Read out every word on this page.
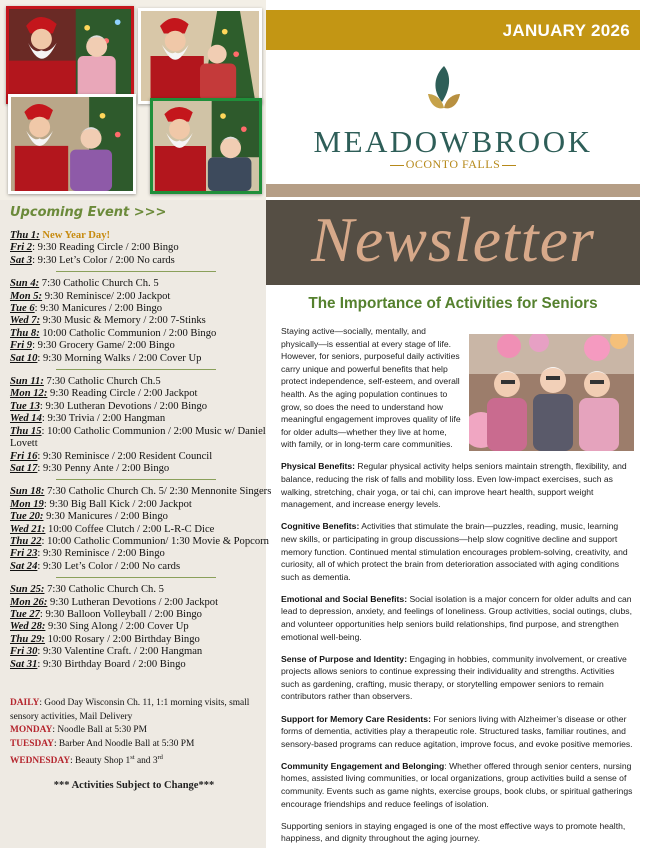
JANUARY 2026
MEADOWBROOK
OCONTO FALLS
Upcoming Event >>>
Thu 1: New Year Day!
Fri 2: 9:30 Reading Circle / 2:00 Bingo
Sat 3: 9:30 Let’s Color / 2:00 No cards
Sun 4: 7:30 Catholic Church Ch. 5
Mon 5: 9:30 Reminisce/ 2:00 Jackpot
Tue 6: 9:30 Manicures / 2:00 Bingo
Wed 7: 9:30 Music & Memory / 2:00 7-Stinks
Thu 8: 10:00 Catholic Communion / 2:00 Bingo
Fri 9: 9:30 Grocery Game/ 2:00 Bingo
Sat 10: 9:30 Morning Walks / 2:00 Cover Up
Sun 11: 7:30 Catholic Church Ch.5
Mon 12: 9:30 Reading Circle / 2:00 Jackpot
Tue 13: 9:30 Lutheran Devotions / 2:00 Bingo
Wed 14: 9:30 Trivia / 2:00 Hangman
Thu 15: 10:00 Catholic Communion / 2:00 Music w/ Daniel
Lovett
Fri 16: 9:30 Reminisce / 2:00 Resident Council
Sat 17: 9:30 Penny Ante / 2:00 Bingo
Sun 18: 7:30 Catholic Church Ch. 5/ 2:30 Mennonite Singers
Mon 19: 9:30 Big Ball Kick / 2:00 Jackpot
Tue 20: 9:30 Manicures / 2:00 Bingo
Wed 21: 10:00 Coffee Clutch / 2:00 L-R-C Dice
Thu 22: 10:00 Catholic Communion/ 1:30 Movie & Popcorn
Fri 23: 9:30 Reminisce / 2:00 Bingo
Sat 24: 9:30 Let’s Color / 2:00 No cards
Sun 25: 7:30 Catholic Church Ch. 5
Mon 26: 9:30 Lutheran Devotions / 2:00 Jackpot
Tue 27: 9:30 Balloon Volleyball / 2:00 Bingo
Wed 28: 9:30 Sing Along / 2:00 Cover Up
Thu 29: 10:00 Rosary / 2:00 Birthday Bingo
Fri 30: 9:30 Valentine Craft. / 2:00 Hangman
Sat 31: 9:30 Birthday Board / 2:00 Bingo
DAILY: Good Day Wisconsin Ch. 11, 1:1 morning visits, small sensory activities, Mail Delivery
MONDAY: Noodle Ball at 5:30 PM
TUESDAY: Barber And Noodle Ball at 5:30 PM
WEDNESDAY: Beauty Shop 1st and 3rd
*** Activities Subject to Change***
Newsletter
The Importance of Activities for Seniors

Staying active—socially, mentally, and physically—is essential at every stage of life. However, for seniors, purposeful daily activities carry unique and powerful benefits that help protect independence, self-esteem, and overall health. As the aging population continues to grow, so does the need to understand how meaningful engagement improves quality of life for older adults—whether they live at home, with family, or in long-term care communities.

Physical Benefits: Regular physical activity helps seniors maintain strength, flexibility, and balance, reducing the risk of falls and mobility loss. Even low-impact exercises, such as walking, stretching, chair yoga, or tai chi, can improve heart health, support weight management, and increase energy levels.

Cognitive Benefits: Activities that stimulate the brain—puzzles, reading, music, learning new skills, or participating in group discussions—help slow cognitive decline and support memory function. Continued mental stimulation encourages problem-solving, creativity, and curiosity, all of which protect the brain from deterioration associated with aging conditions such as dementia.

Emotional and Social Benefits: Social isolation is a major concern for older adults and can lead to depression, anxiety, and feelings of loneliness. Group activities, social outings, clubs, and volunteer opportunities help seniors build relationships, find purpose, and strengthen emotional well-being.

Sense of Purpose and Identity: Engaging in hobbies, community involvement, or creative projects allows seniors to continue expressing their individuality and strengths. Activities such as gardening, crafting, music therapy, or storytelling empower seniors to remain contributors rather than observers.

Support for Memory Care Residents: For seniors living with Alzheimer’s disease or other forms of dementia, activities play a therapeutic role. Structured tasks, familiar routines, and sensory-based programs can reduce agitation, improve focus, and evoke positive memories.

Community Engagement and Belonging: Whether offered through senior centers, nursing homes, assisted living communities, or local organizations, group activities build a sense of community. Events such as game nights, exercise groups, book clubs, or spiritual gatherings encourage friendships and reduce feelings of isolation.

Supporting seniors in staying engaged is one of the most effective ways to promote health, happiness, and dignity throughout the aging journey.
